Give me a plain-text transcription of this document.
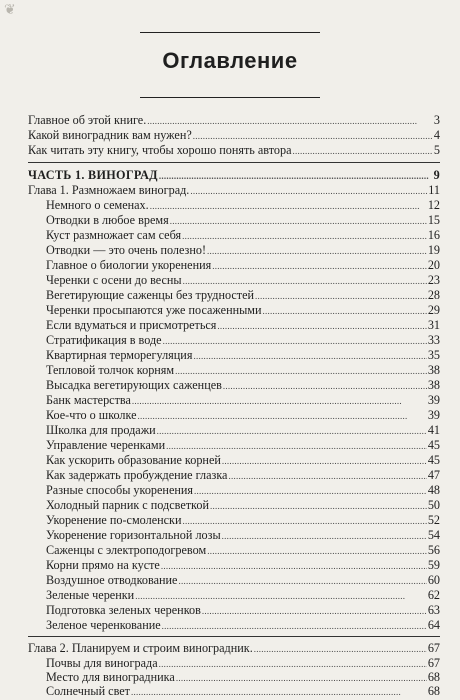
❦
Оглавление
Главное об этой книге. . . .	3
Какой виноградник вам нужен? . . .	4
Как читать эту книгу, чтобы хорошо понять автора . . .	5
ЧАСТЬ 1. ВИНОГРАД . . .	9
Глава 1. Размножаем виноград. . . .	11
Немного о семенах. . . .	12
Отводки в любое время . . .	15
Куст размножает сам себя . . .	16
Отводки — это очень полезно! . . .	19
Главное о биологии укоренения . . .	20
Черенки с осени до весны . . .	23
Вегетирующие саженцы без трудностей . . .	28
Черенки просыпаются уже посаженными . . .	29
Если вдуматься и присмотреться . . .	31
Стратификация в воде . . .	33
Квартирная терморегуляция . . .	35
Тепловой толчок корням . . .	38
Высадка вегетирующих саженцев . . .	38
Банк мастерства . . .	39
Кое-что о школке . . .	39
Школка для продажи . . .	41
Управление черенками . . .	45
Как ускорить образование корней . . .	45
Как задержать пробуждение глазка . . .	47
Разные способы укоренения . . .	48
Холодный парник с подсветкой . . .	50
Укоренение по-смоленски . . .	52
Укоренение горизонтальной лозы . . .	54
Саженцы с электроподогревом . . .	56
Корни прямо на кусте . . .	59
Воздушное отводкование . . .	60
Зеленые черенки . . .	62
Подготовка зеленых черенков . . .	63
Зеленое черенкование . . .	64
Глава 2. Планируем и строим виноградник. . . .	67
Почвы для винограда . . .	67
Место для виноградника . . .	68
Солнечный свет . . .	68
